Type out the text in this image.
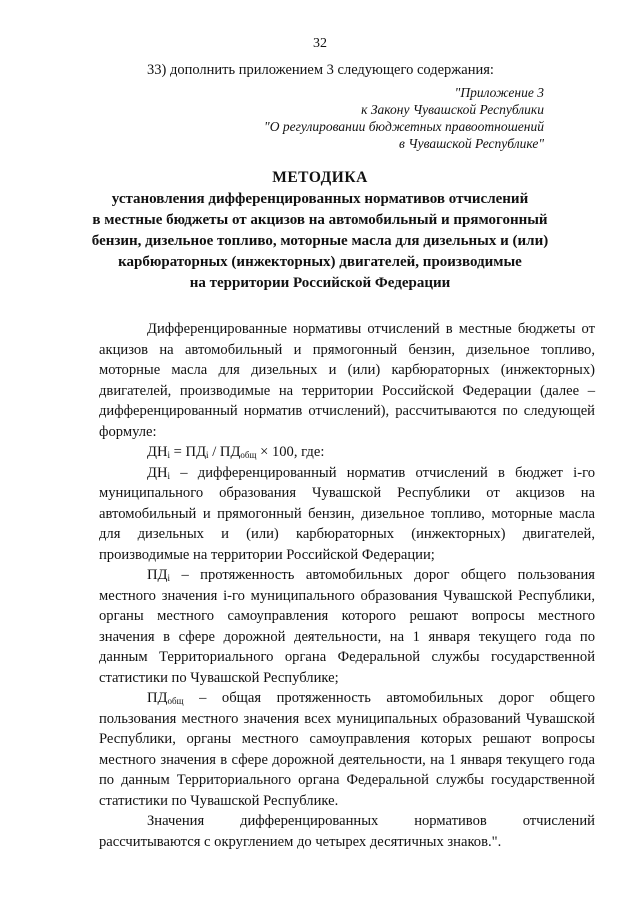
32
33) дополнить приложением 3 следующего содержания:
"Приложение 3
к Закону Чувашской Республики
"О регулировании бюджетных правоотношений
в Чувашской Республике"
МЕТОДИКА
установления дифференцированных нормативов отчислений
в местные бюджеты от акцизов на автомобильный и прямогонный
бензин, дизельное топливо, моторные масла для дизельных и (или)
карбюраторных (инжекторных) двигателей, производимые
на территории Российской Федерации

Дифференцированные нормативы отчислений в местные бюджеты от акцизов на автомобильный и прямогонный бензин, дизельное топливо, моторные масла для дизельных и (или) карбюраторных (инжекторных) двигателей, производимые на территории Российской Федерации (далее – дифференцированный норматив отчислений), рассчитываются по следующей формуле:

$ДН_i = ПД_i / ПД_{общ} \times 100$, где:

$ДН_i$ – дифференцированный норматив отчислений в бюджет i-го муниципального образования Чувашской Республики от акцизов на автомобильный и прямогонный бензин, дизельное топливо, моторные масла для дизельных и (или) карбюраторных (инжекторных) двигателей, производимые на территории Российской Федерации;

$ПД_i$ – протяженность автомобильных дорог общего пользования местного значения i-го муниципального образования Чувашской Республики, органы местного самоуправления которого решают вопросы местного значения в сфере дорожной деятельности, на 1 января текущего года по данным Территориального органа Федеральной службы государственной статистики по Чувашской Республике;

$ПД_{общ}$ – общая протяженность автомобильных дорог общего пользования местного значения всех муниципальных образований Чувашской Республики, органы местного самоуправления которых решают вопросы местного значения в сфере дорожной деятельности, на 1 января текущего года по данным Территориального органа Федеральной службы государственной статистики по Чувашской Республике.

Значения дифференцированных нормативов отчислений рассчитываются с округлением до четырех десятичных знаков.".
